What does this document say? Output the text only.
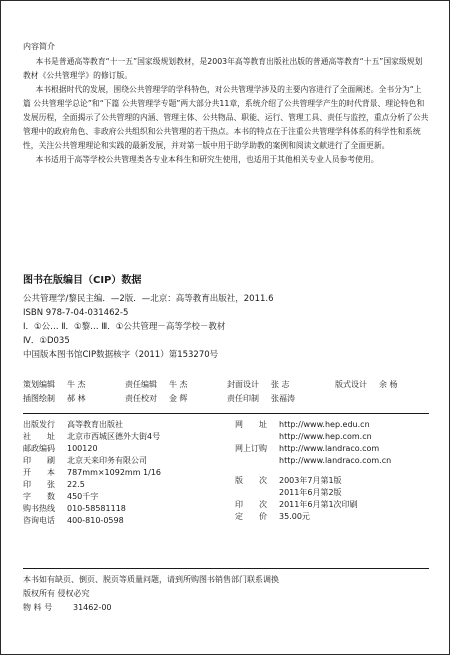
内容简介

本书是普通高等教育“十一五”国家级规划教材，是2003年高等教育出版社出版的普通高等教育“十五”国家级规划教材《公共管理学》的修订版。

本书根据时代的发展，围绕公共管理学的学科特色，对公共管理学涉及的主要内容进行了全面阐述。全书分为“上篇 公共管理学总论”和“下篇 公共管理学专题”两大部分共11章，系统介绍了公共管理学产生的时代背景、理论特色和发展历程，全面揭示了公共管理的内涵、管理主体、公共物品、职能、运行、管理工具、责任与监控，重点分析了公共管理中的政府角色、非政府公共组织和公共管理的若干热点。本书的特点在于注重公共管理学科体系的科学性和系统性，关注公共管理理论和实践的最新发展，并对第一版中用于助学助教的案例和阅读文献进行了全面更新。

本书适用于高等学校公共管理类各专业本科生和研究生使用，也适用于其他相关专业人员参考使用。

图书在版编目（CIP）数据
公共管理学/黎民主编．—2版．—北京：高等教育出版社，2011.6
ISBN 978-7-04-031462-5
Ⅰ．①公… Ⅱ．①黎… Ⅲ．①公共管理－高等学校－教材
Ⅳ．①D035
中国版本图书馆CIP数据核字（2011）第153270号
策划编辑 牛 杰	责任编辑 牛 杰	封面设计 张 志	版式设计 余 杨
插图绘制 郝 林	责任校对 金 辉	责任印制 张福涛
出版发行 高等教育出版社
社　　址 北京市西城区德外大街4号
邮政编码 100120
印　　刷 北京天来印务有限公司
开　　本 787mm×1092mm 1/16
印　　张 22.5
字　　数 450千字
购书热线 010-58581118
咨询电话 400-810-0598
网　　址 http://www.hep.edu.cn
http://www.hep.com.cn
网上订购 http://www.landraco.com
http://www.landraco.com.cn
版　　次 2003年7月第1版
2011年6月第2版
印　　次 2011年6月第1次印刷
定　　价 35.00元
本书如有缺页、倒页、脱页等质量问题，请到所购图书销售部门联系调换
版权所有 侵权必究
物 料 号	31462-00
